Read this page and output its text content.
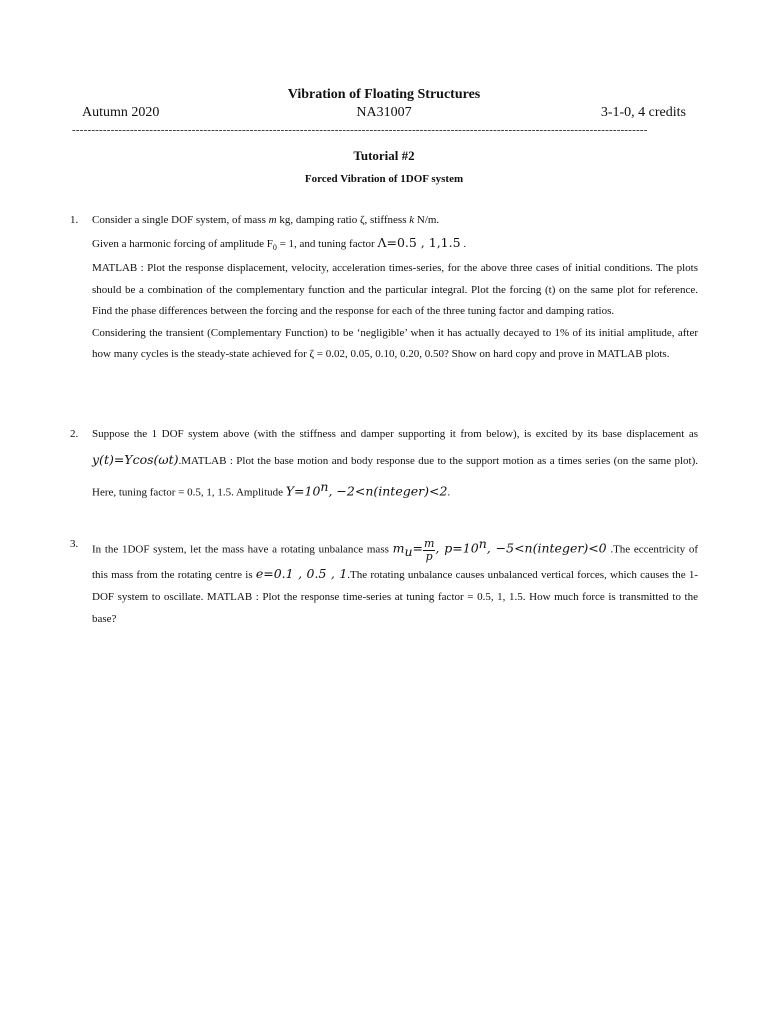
Vibration of Floating Structures
Autumn 2020	NA31007	3-1-0, 4 credits
-----------------------------------------------------------------------------------------------------------------------------------------------------
Tutorial #2
Forced Vibration of 1DOF system
1. Consider a single DOF system, of mass m kg, damping ratio ζ, stiffness k N/m.

Given a harmonic forcing of amplitude $F_0 = 1$, and tuning factor Λ=0.5 , 1,1.5 .

MATLAB : Plot the response displacement, velocity, acceleration times-series, for the above three cases of initial conditions. The plots should be a combination of the complementary function and the particular integral. Plot the forcing (t) on the same plot for reference. Find the phase differences between the forcing and the response for each of the three tuning factor and damping ratios.

Considering the transient (Complementary Function) to be ‘negligible’ when it has actually decayed to 1% of its initial amplitude, after how many cycles is the steady-state achieved for ζ = 0.02, 0.05, 0.10, 0.20, 0.50? Show on hard copy and prove in MATLAB plots.

2. Suppose the 1 DOF system above (with the stiffness and damper supporting it from below), is excited by its base displacement as y(t)=Ycos(ωt).MATLAB : Plot the base motion and body response due to the support motion as a times series (on the same plot). Here, tuning factor = 0.5, 1, 1.5. Amplitude $Y=10^n$, −2<n(integer)<2.

3. In the 1DOF system, let the mass have a rotating unbalance mass $m_u= \frac{m}{p}$ , $p=10^n$, −5<n(integer)<0 .The eccentricity of this mass from the rotating centre is e=0.1 , 0.5 , 1.The rotating unbalance causes unbalanced vertical forces, which causes the 1-DOF system to oscillate. MATLAB : Plot the response time-series at tuning factor = 0.5, 1, 1.5. How much force is transmitted to the base?
